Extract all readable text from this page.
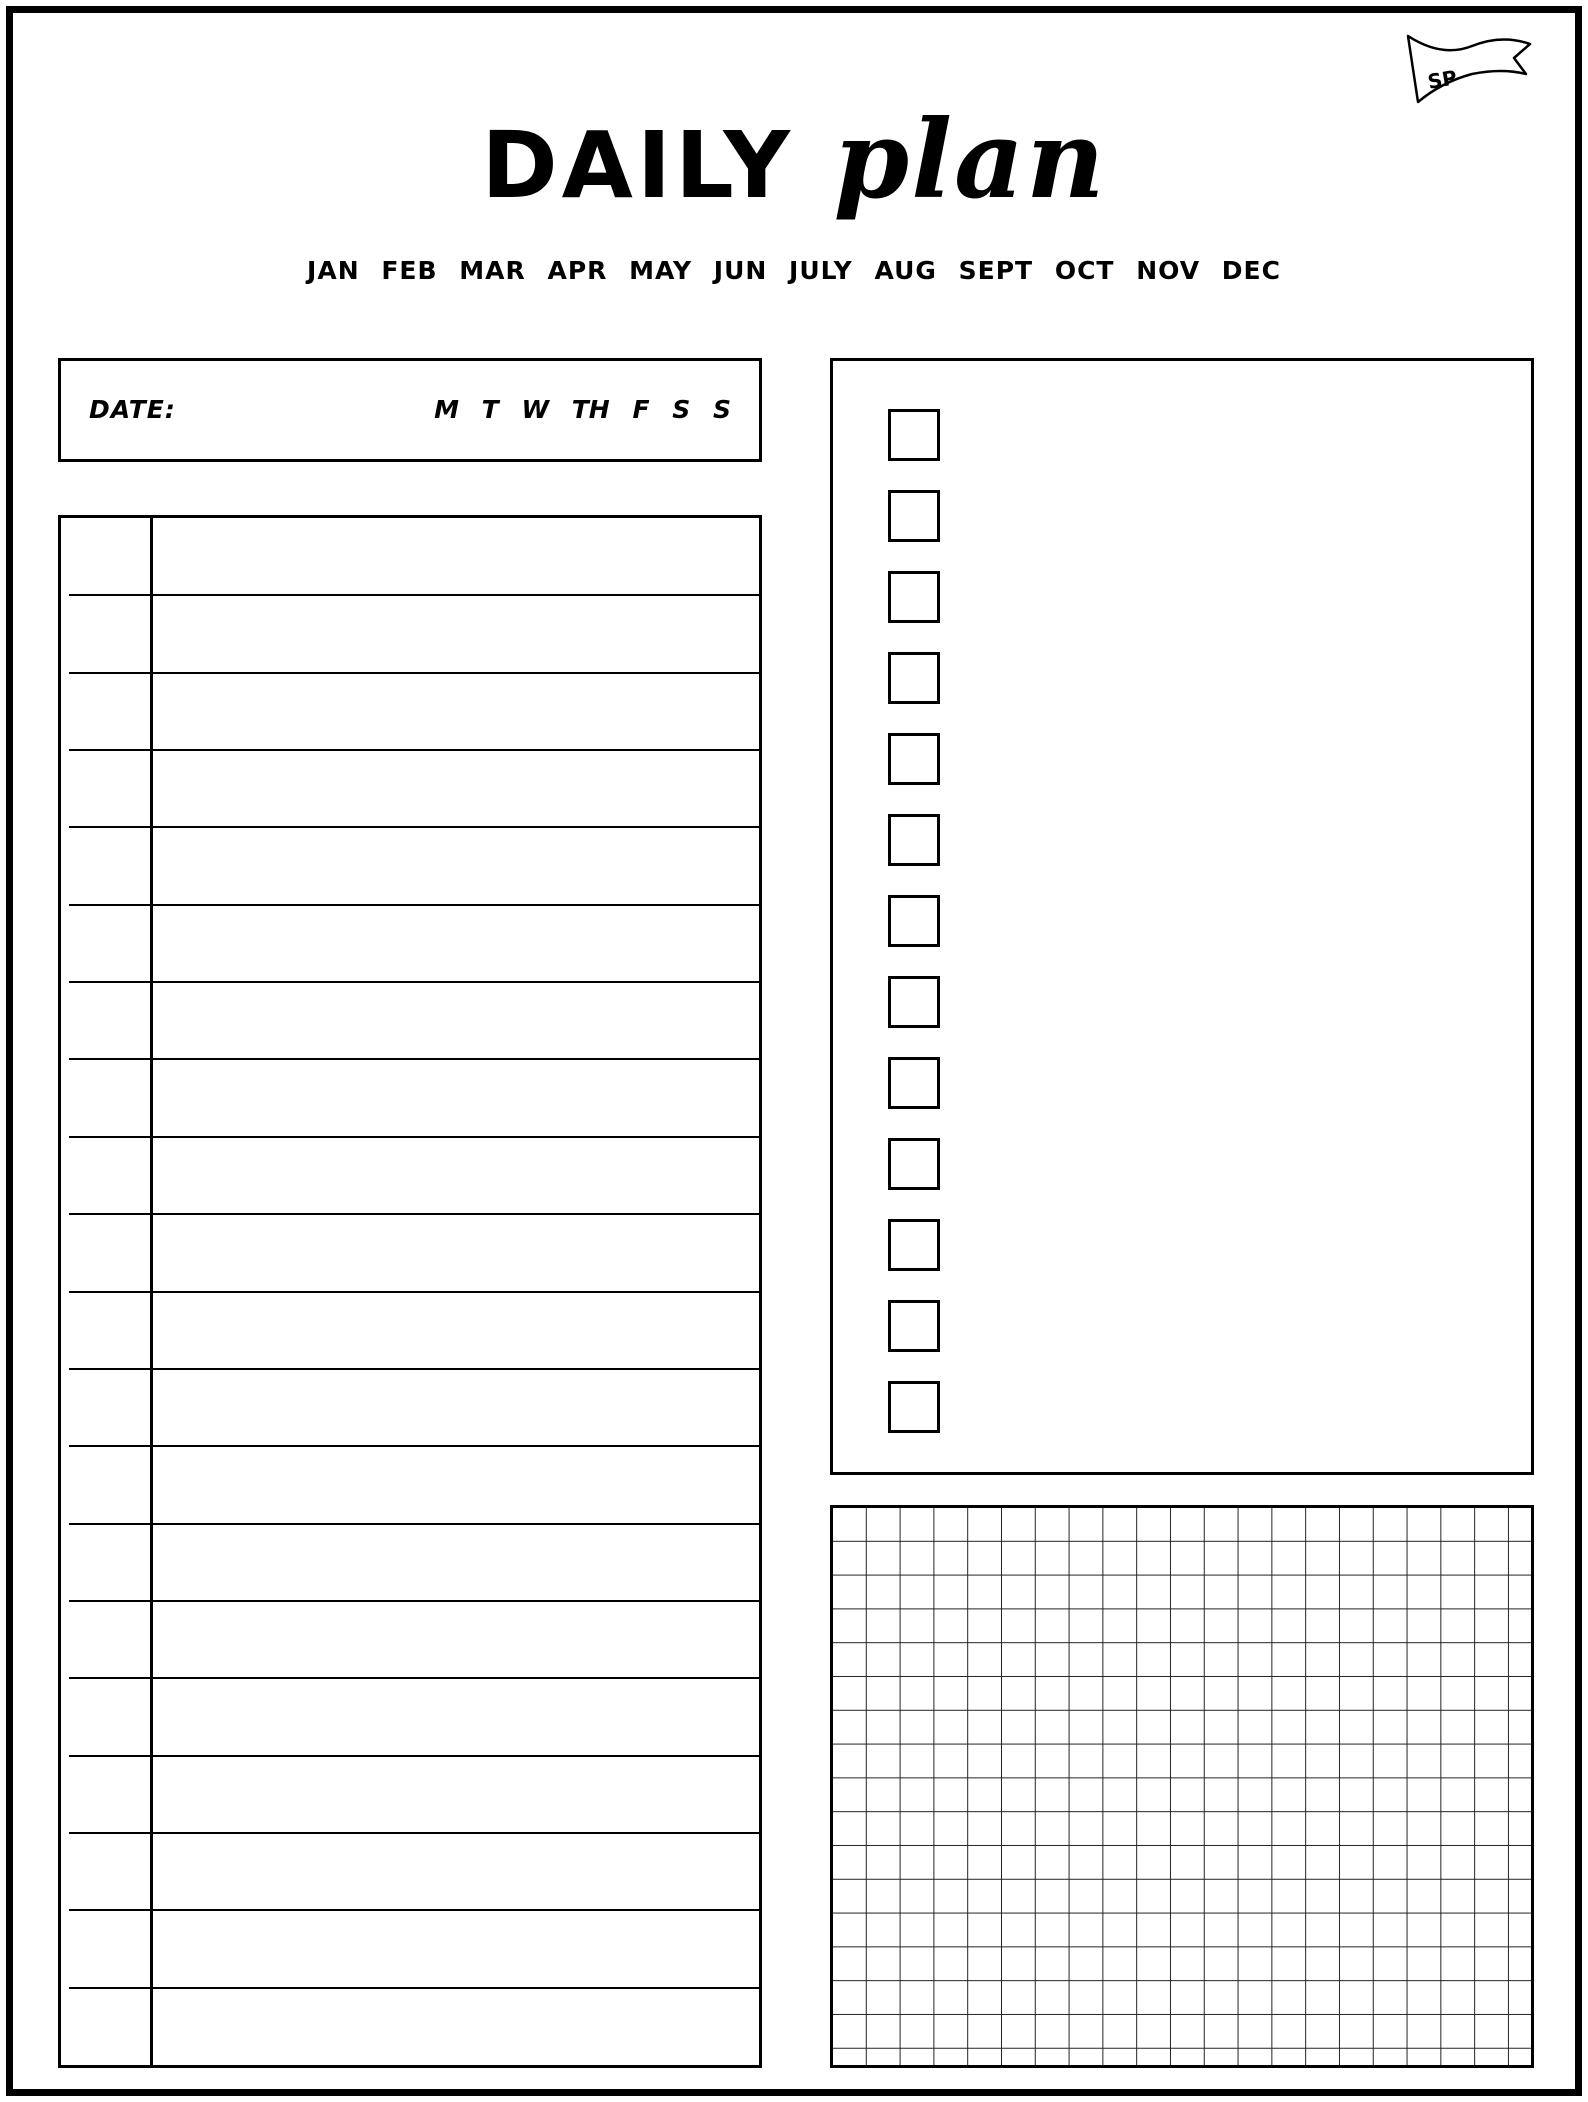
SP
DAILY plan
JAN FEB MAR APR MAY JUN JULY AUG SEPT OCT NOV DEC
DATE:	M T W TH F S S
